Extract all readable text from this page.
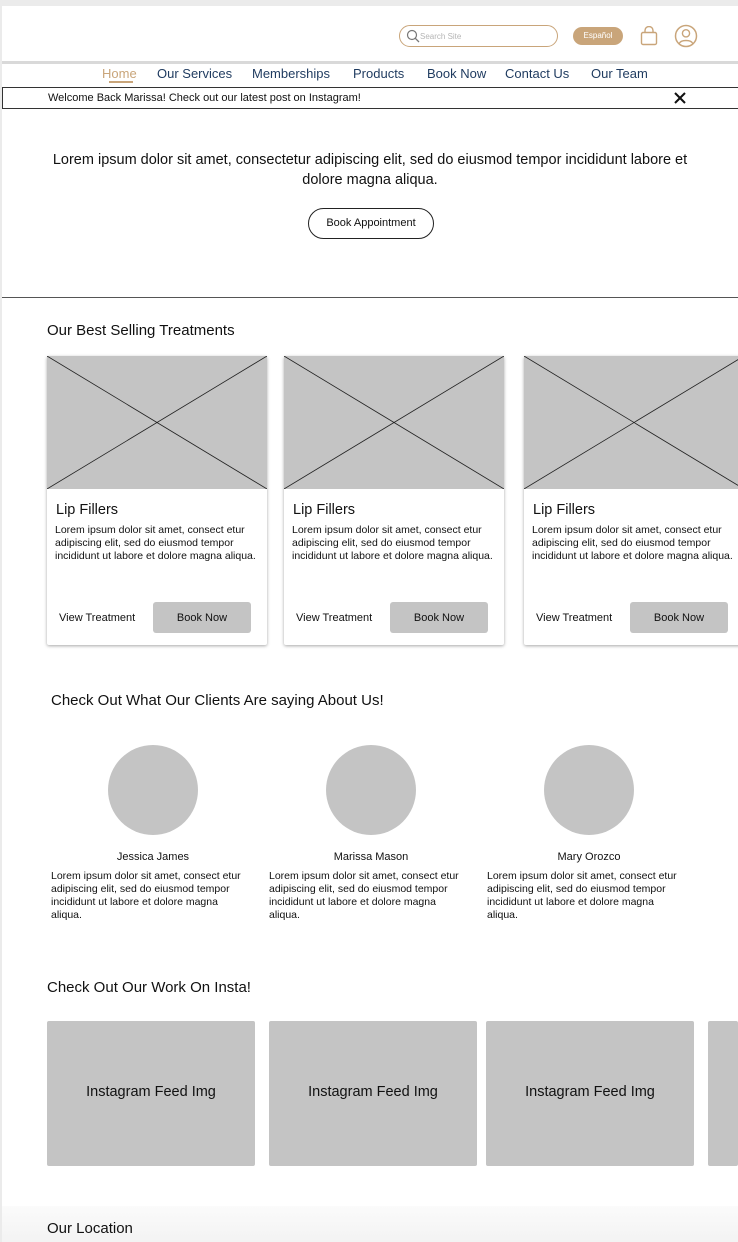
Search Site
Español
Home Our Services Memberships Products Book Now Contact Us Our Team
Welcome Back Marissa! Check out our latest post on Instagram!
Lorem ipsum dolor sit amet, consectetur adipiscing elit, sed do eiusmod tempor incididunt labore et dolore magna aliqua.
Book Appointment
Our Best Selling Treatments
Lip Fillers
Lorem ipsum dolor sit amet, consect etur adipiscing elit, sed do eiusmod tempor incididunt ut labore et dolore magna aliqua.
View Treatment	Book Now
Lip Fillers
Lorem ipsum dolor sit amet, consect etur adipiscing elit, sed do eiusmod tempor incididunt ut labore et dolore magna aliqua.
View Treatment	Book Now
Lip Fillers
Lorem ipsum dolor sit amet, consect etur adipiscing elit, sed do eiusmod tempor incididunt ut labore et dolore magna aliqua.
View Treatment	Book Now
Check Out What Our Clients Are saying About Us!
Jessica James
Lorem ipsum dolor sit amet, consect etur adipiscing elit, sed do eiusmod tempor incididunt ut labore et dolore magna aliqua.
Marissa Mason
Lorem ipsum dolor sit amet, consect etur adipiscing elit, sed do eiusmod tempor incididunt ut labore et dolore magna aliqua.
Mary Orozco
Lorem ipsum dolor sit amet, consect etur adipiscing elit, sed do eiusmod tempor incididunt ut labore et dolore magna aliqua.
Check Out Our Work On Insta!
Instagram Feed Img	Instagram Feed Img	Instagram Feed Img
Our Location
